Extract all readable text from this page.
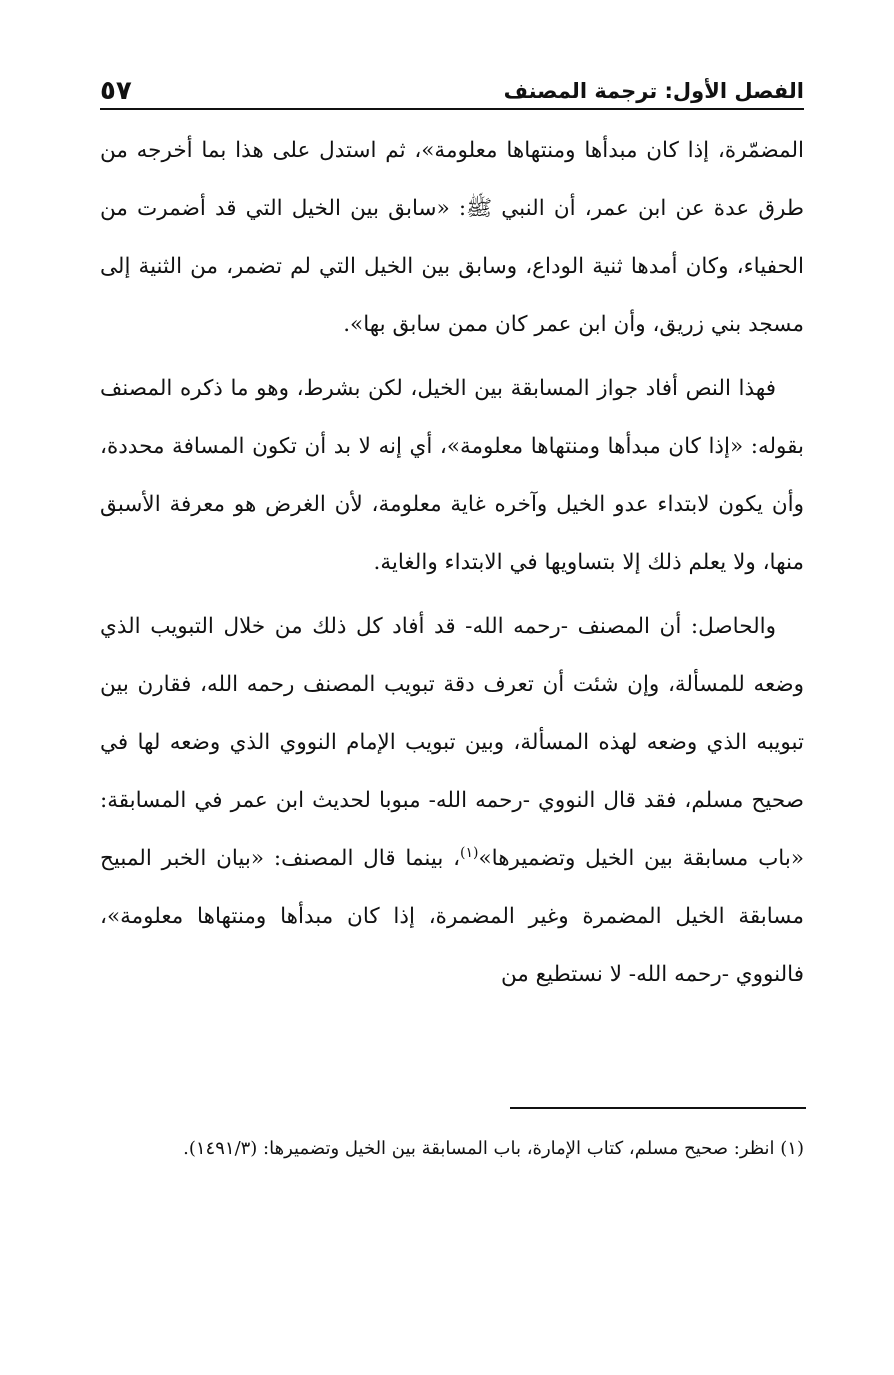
٥٧	الفصل الأول: ترجمة المصنف

المضمّرة، إذا كان مبدأها ومنتهاها معلومة»، ثم استدل على هذا بما أخرجه من طرق عدة عن ابن عمر، أن النبي ﷺ: «سابق بين الخيل التي قد أضمرت من الحفياء، وكان أمدها ثنية الوداع، وسابق بين الخيل التي لم تضمر، من الثنية إلى مسجد بني زريق، وأن ابن عمر كان ممن سابق بها».

فهذا النص أفاد جواز المسابقة بين الخيل، لكن بشرط، وهو ما ذكره المصنف بقوله: «إذا كان مبدأها ومنتهاها معلومة»، أي إنه لا بد أن تكون المسافة محددة، وأن يكون لابتداء عدو الخيل وآخره غاية معلومة، لأن الغرض هو معرفة الأسبق منها، ولا يعلم ذلك إلا بتساويها في الابتداء والغاية.

والحاصل: أن المصنف -رحمه الله- قد أفاد كل ذلك من خلال التبويب الذي وضعه للمسألة، وإن شئت أن تعرف دقة تبويب المصنف رحمه الله، فقارن بين تبويبه الذي وضعه لهذه المسألة، وبين تبويب الإمام النووي الذي وضعه لها في صحيح مسلم، فقد قال النووي -رحمه الله- مبوبا لحديث ابن عمر في المسابقة: «باب مسابقة بين الخيل وتضميرها»$^{(١)}$، بينما قال المصنف: «بيان الخبر المبيح مسابقة الخيل المضمرة وغير المضمرة، إذا كان مبدأها ومنتهاها معلومة»، فالنووي -رحمه الله- لا نستطيع من

(١) انظر: صحيح مسلم، كتاب الإمارة، باب المسابقة بين الخيل وتضميرها: (١٤٩١/٣).
